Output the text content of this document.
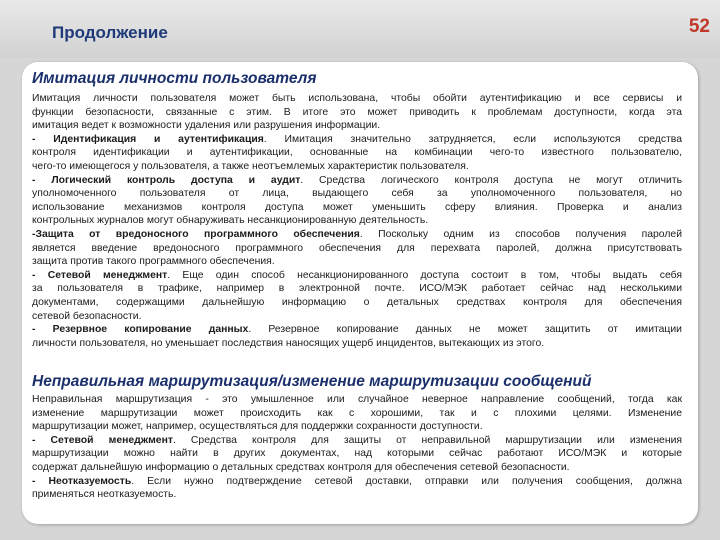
Продолжение	52
Имитация личности пользователя
Имитация личности пользователя может быть использована, чтобы обойти аутентификацию и все сервисы и
функции безопасности, связанные с этим. В итоге это может приводить к проблемам доступности, когда эта
имитация ведет к возможности удаления или разрушения информации.
- Идентификация и аутентификация. Имитация значительно затрудняется, если используются средства
контроля идентификации и аутентификации, основанные на комбинации чего-то известного пользователю,
чего-то имеющегося у пользователя, а также неотъемлемых характеристик пользователя.
- Логический контроль доступа и аудит. Средства логического контроля доступа не могут отличить
уполномоченного пользователя от лица, выдающего себя за уполномоченного пользователя, но
использование механизмов контроля доступа может уменьшить сферу влияния. Проверка и анализ
контрольных журналов могут обнаруживать несанкционированную деятельность.
-Защита от вредоносного программного обеспечения. Поскольку одним из способов получения паролей
является введение вредоносного программного обеспечения для перехвата паролей, должна присутствовать
защита против такого программного обеспечения.
- Сетевой менеджмент. Еще один способ несанкционированного доступа состоит в том, чтобы выдать себя
за пользователя в трафике, например в электронной почте. ИСО/МЭК работает сейчас над несколькими
документами, содержащими дальнейшую информацию о детальных средствах контроля для обеспечения
сетевой безопасности.
- Резервное копирование данных. Резервное копирование данных не может защитить от имитации
личности пользователя, но уменьшает последствия наносящих ущерб инцидентов, вытекающих из этого.
Неправильная маршрутизация/изменение маршрутизации сообщений
Неправильная маршрутизация - это умышленное или случайное неверное направление сообщений, тогда как
изменение маршрутизации может происходить как с хорошими, так и с плохими целями. Изменение
маршрутизации может, например, осуществляться для поддержки сохранности доступности.
- Сетевой менеджмент. Средства контроля для защиты от неправильной маршрутизации или изменения
маршрутизации можно найти в других документах, над которыми сейчас работают ИСО/МЭК и которые
содержат дальнейшую информацию о детальных средствах контроля для обеспечения сетевой безопасности.
- Неотказуемость. Если нужно подтверждение сетевой доставки, отправки или получения сообщения, должна
применяться неотказуемость.
